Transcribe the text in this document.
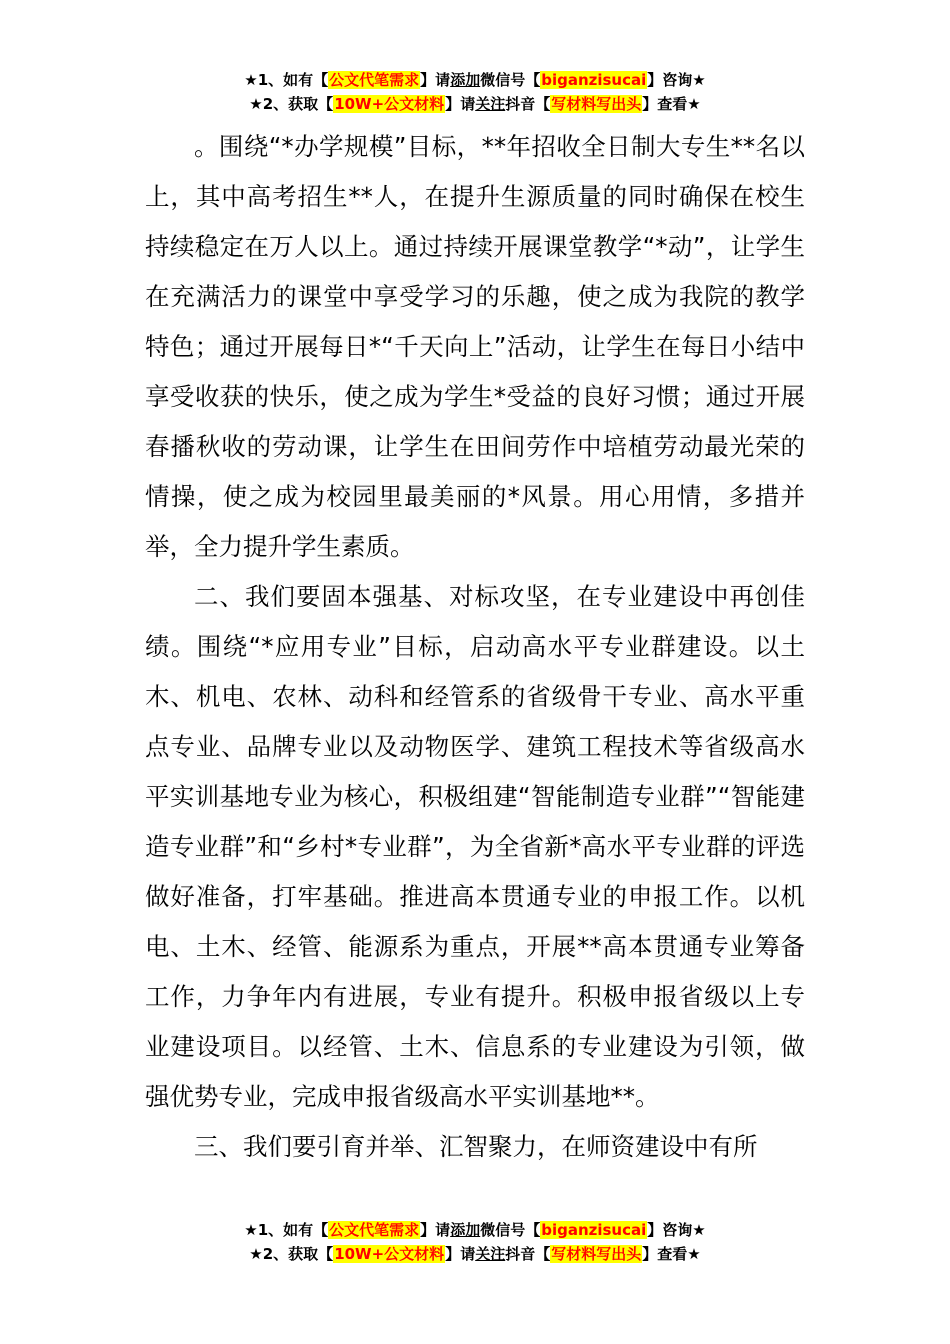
★1、如有【公文代笔需求】请添加微信号【biganzisucai】咨询★
★2、获取【10W+公文材料】请关注抖音【写材料写出头】查看★

。围绕“*办学规模”目标，**年招收全日制大专生**名以上，其中高考招生**人，在提升生源质量的同时确保在校生持续稳定在万人以上。通过持续开展课堂教学“*动”，让学生在充满活力的课堂中享受学习的乐趣，使之成为我院的教学特色；通过开展每日*“千天向上”活动，让学生在每日小结中享受收获的快乐，使之成为学生*受益的良好习惯；通过开展春播秋收的劳动课，让学生在田间劳作中培植劳动最光荣的情操，使之成为校园里最美丽的*风景。用心用情，多措并举，全力提升学生素质。

二、我们要固本强基、对标攻坚，在专业建设中再创佳绩。围绕“*应用专业”目标，启动高水平专业群建设。以土木、机电、农林、动科和经管系的省级骨干专业、高水平重点专业、品牌专业以及动物医学、建筑工程技术等省级高水平实训基地专业为核心，积极组建“智能制造专业群”“智能建造专业群”和“乡村*专业群”，为全省新*高水平专业群的评选做好准备，打牢基础。推进高本贯通专业的申报工作。以机电、土木、经管、能源系为重点，开展**高本贯通专业筹备工作，力争年内有进展，专业有提升。积极申报省级以上专业建设项目。以经管、土木、信息系的专业建设为引领，做强优势专业，完成申报省级高水平实训基地**。

三、我们要引育并举、汇智聚力，在师资建设中有所

★1、如有【公文代笔需求】请添加微信号【biganzisucai】咨询★
★2、获取【10W+公文材料】请关注抖音【写材料写出头】查看★
